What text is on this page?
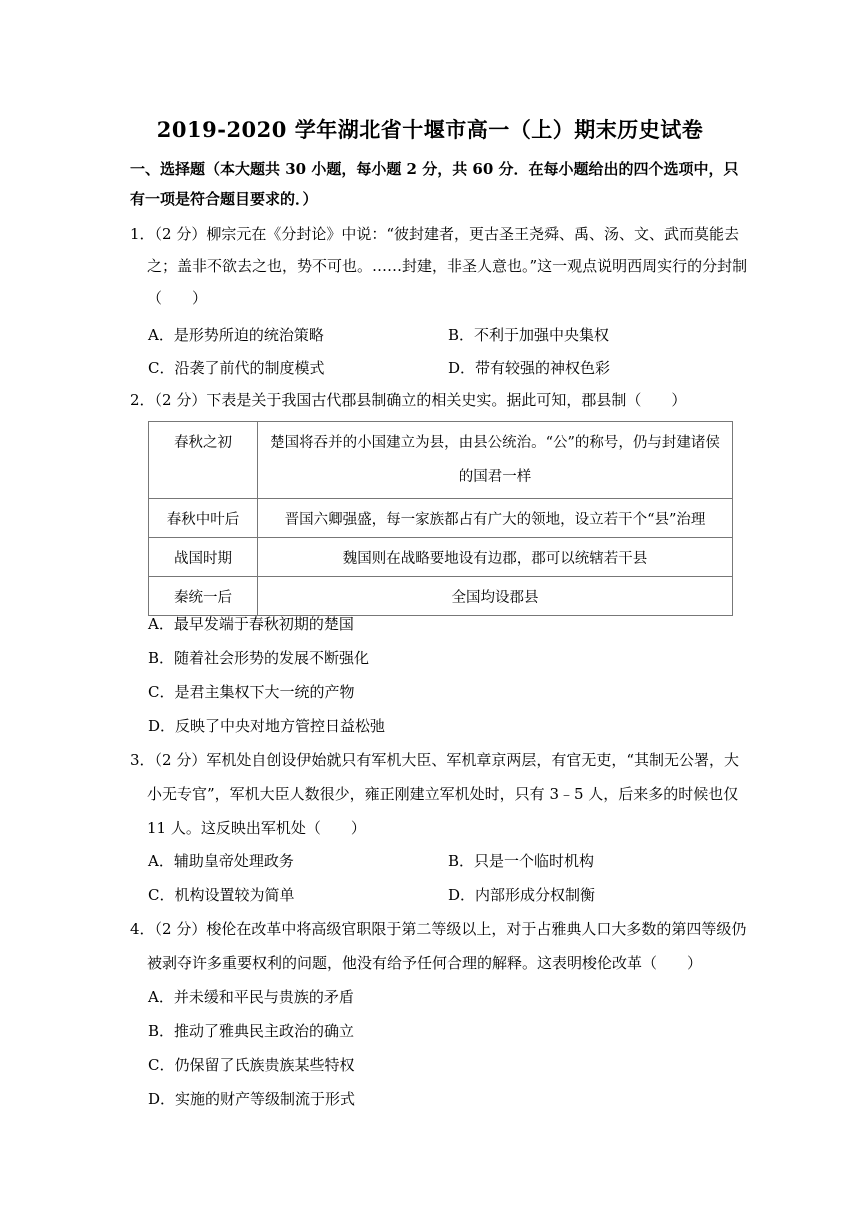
2019-2020 学年湖北省十堰市高一（上）期末历史试卷
一、选择题（本大题共 30 小题，每小题 2 分，共 60 分．在每小题给出的四个选项中，只有一项是符合题目要求的．）
1．（2 分）柳宗元在《分封论》中说：“彼封建者，更古圣王尧舜、禹、汤、文、武而莫能去之；盖非不欲去之也，势不可也。……封建，非圣人意也。”这一观点说明西周实行的分封制（　　）
A．是形势所迫的统治策略	B．不利于加强中央集权
C．沿袭了前代的制度模式	D．带有较强的神权色彩
2．（2 分）下表是关于我国古代郡县制确立的相关史实。据此可知，郡县制（　　）
春秋之初	楚国将吞并的小国建立为县，由县公统治。“公”的称号，仍与封建诸侯的国君一样
春秋中叶后	晋国六卿强盛，每一家族都占有广大的领地，设立若干个“县”治理
战国时期	魏国则在战略要地设有边郡，郡可以统辖若干县
秦统一后	全国均设郡县
A．最早发端于春秋初期的楚国
B．随着社会形势的发展不断强化
C．是君主集权下大一统的产物
D．反映了中央对地方管控日益松弛
3．（2 分）军机处自创设伊始就只有军机大臣、军机章京两层，有官无吏，“其制无公署，大小无专官”，军机大臣人数很少，雍正刚建立军机处时，只有 3﹣5 人，后来多的时候也仅 11 人。这反映出军机处（　　）
A．辅助皇帝处理政务	B．只是一个临时机构
C．机构设置较为简单	D．内部形成分权制衡
4．（2 分）梭伦在改革中将高级官职限于第二等级以上，对于占雅典人口大多数的第四等级仍被剥夺许多重要权利的问题，他没有给予任何合理的解释。这表明梭伦改革（　　）
A．并未缓和平民与贵族的矛盾
B．推动了雅典民主政治的确立
C．仍保留了氏族贵族某些特权
D．实施的财产等级制流于形式
